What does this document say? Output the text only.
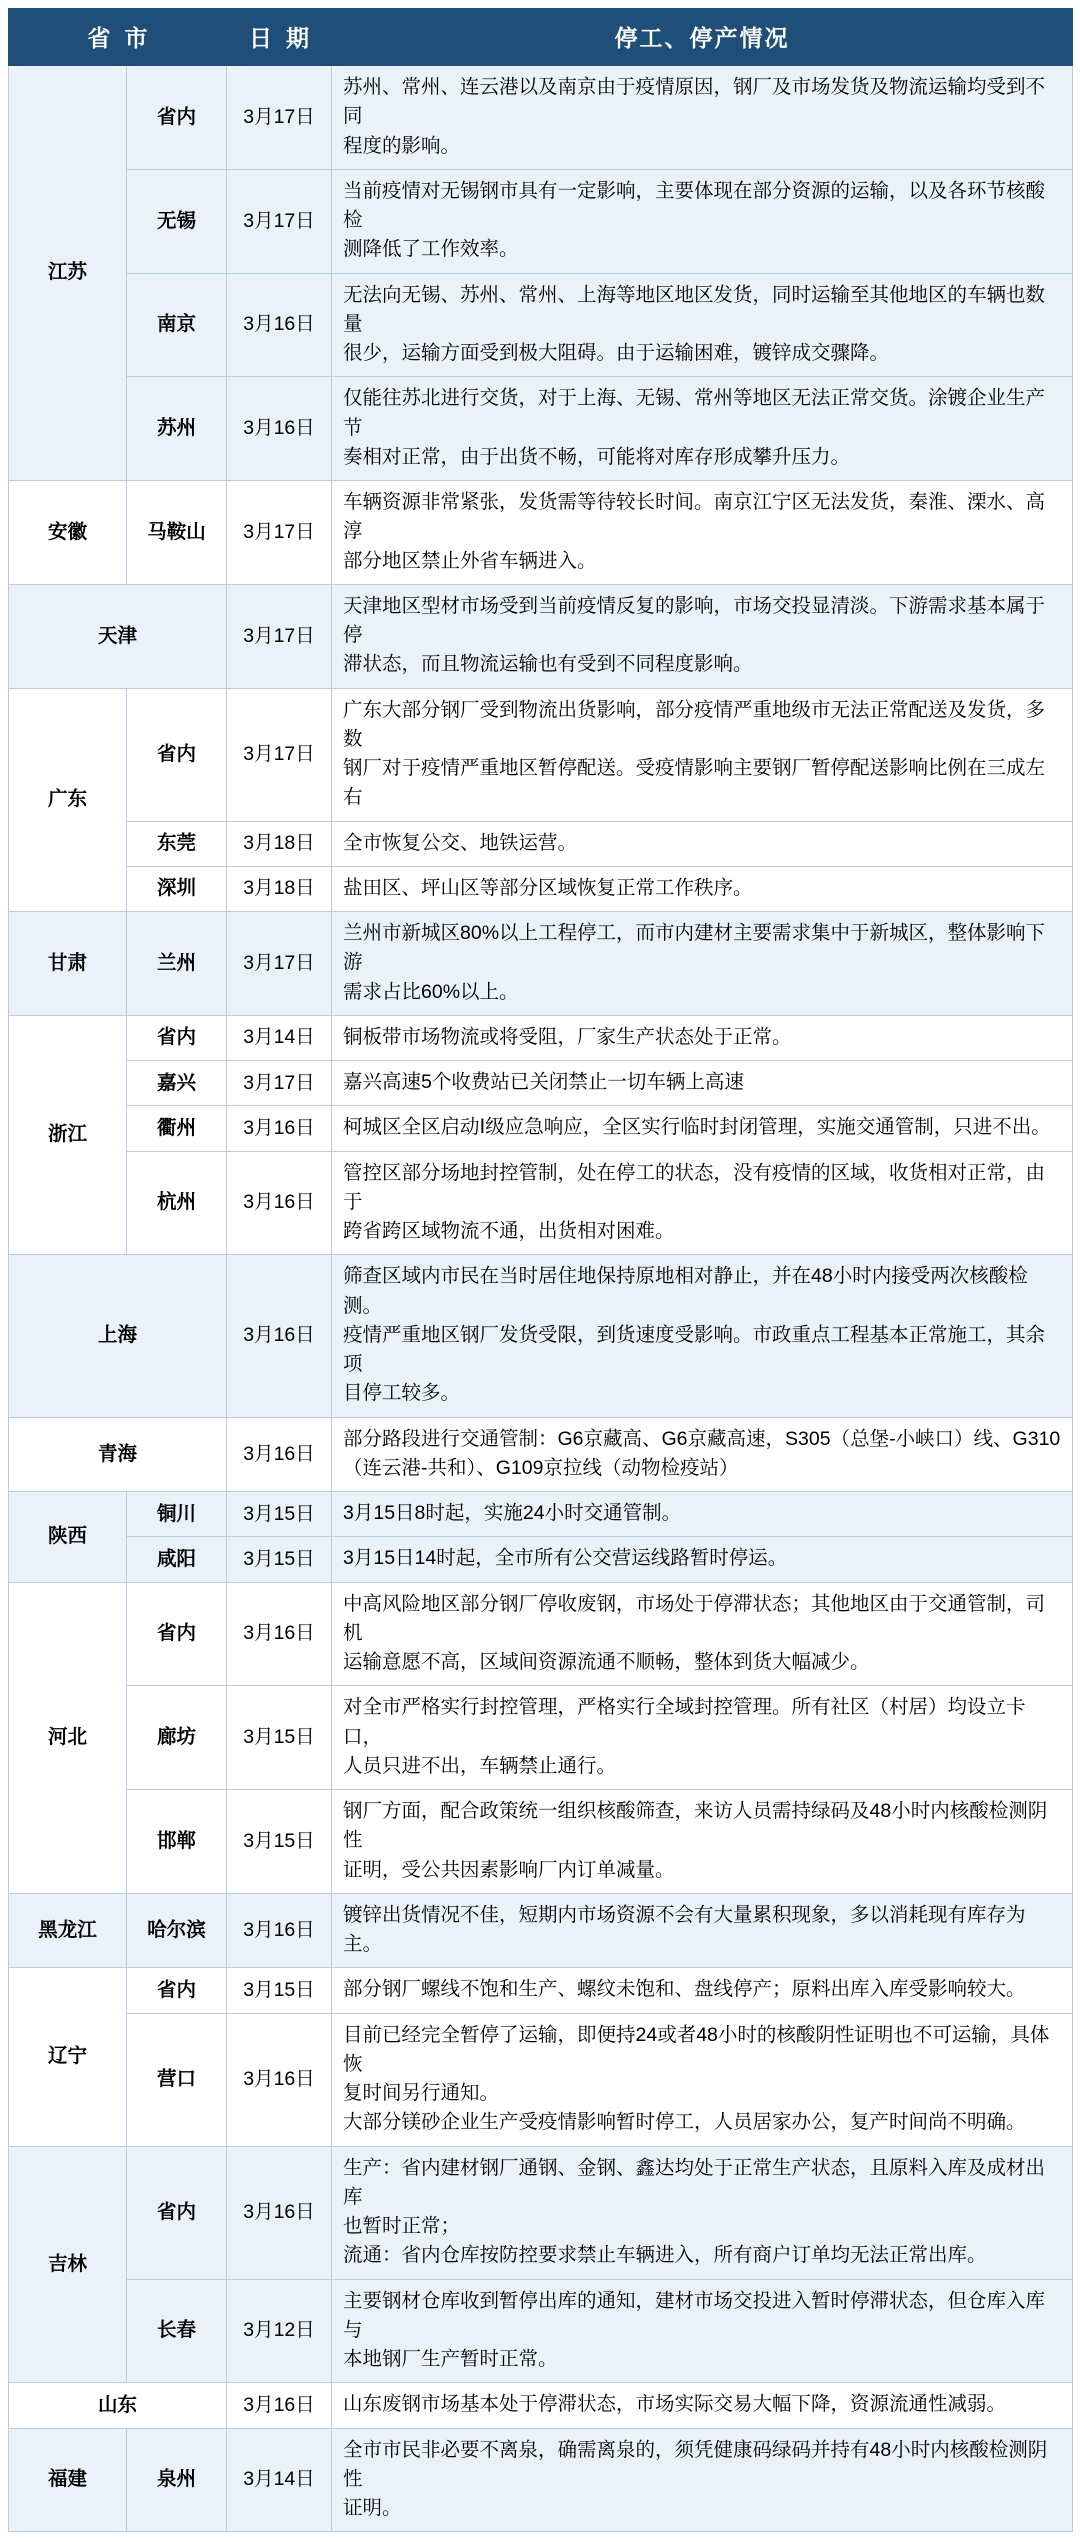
省市		日期	停工、停产情况
江苏	省内	3月17日	苏州、常州、连云港以及南京由于疫情原因，钢厂及市场发货及物流运输均受到不同
程度的影响。

	无锡	3月17日	当前疫情对无锡钢市具有一定影响，主要体现在部分资源的运输，以及各环节核酸检
测降低了工作效率。

	南京	3月16日	无法向无锡、苏州、常州、上海等地区地区发货，同时运输至其他地区的车辆也数量
很少，运输方面受到极大阻碍。由于运输困难，镀锌成交骤降。

	苏州	3月16日	仅能往苏北进行交货，对于上海、无锡、常州等地区无法正常交货。涂镀企业生产节
奏相对正常，由于出货不畅，可能将对库存形成攀升压力。

安徽	马鞍山	3月17日	车辆资源非常紧张，发货需等待较长时间。南京江宁区无法发货，秦淮、溧水、高淳
部分地区禁止外省车辆进入。

天津		3月17日	天津地区型材市场受到当前疫情反复的影响，市场交投显清淡。下游需求基本属于停
滞状态，而且物流运输也有受到不同程度影响。

广东	省内	3月17日	广东大部分钢厂受到物流出货影响，部分疫情严重地级市无法正常配送及发货，多数
钢厂对于疫情严重地区暂停配送。受疫情影响主要钢厂暂停配送影响比例在三成左右

	东莞	3月18日	全市恢复公交、地铁运营。

	深圳	3月18日	盐田区、坪山区等部分区域恢复正常工作秩序。

甘肃	兰州	3月17日	兰州市新城区80%以上工程停工，而市内建材主要需求集中于新城区，整体影响下游
需求占比60%以上。

浙江	省内	3月14日	铜板带市场物流或将受阻，厂家生产状态处于正常。

	嘉兴	3月17日	嘉兴高速5个收费站已关闭禁止一切车辆上高速

	衢州	3月16日	柯城区全区启动Ⅰ级应急响应，全区实行临时封闭管理，实施交通管制，只进不出。

	杭州	3月16日	管控区部分场地封控管制，处在停工的状态，没有疫情的区域，收货相对正常，由于
跨省跨区域物流不通，出货相对困难。

上海		3月16日	筛查区域内市民在当时居住地保持原地相对静止，并在48小时内接受两次核酸检测。
疫情严重地区钢厂发货受限，到货速度受影响。市政重点工程基本正常施工，其余项
目停工较多。

青海		3月16日	部分路段进行交通管制：G6京藏高、G6京藏高速，S305（总堡-小峡口）线、G310
（连云港-共和）、G109京拉线（动物检疫站）

陕西	铜川	3月15日	3月15日8时起，实施24小时交通管制。

	咸阳	3月15日	3月15日14时起，全市所有公交营运线路暂时停运。

河北	省内	3月16日	中高风险地区部分钢厂停收废钢，市场处于停滞状态；其他地区由于交通管制，司机
运输意愿不高，区域间资源流通不顺畅，整体到货大幅减少。

	廊坊	3月15日	对全市严格实行封控管理，严格实行全域封控管理。所有社区（村居）均设立卡口，
人员只进不出，车辆禁止通行。

	邯郸	3月15日	钢厂方面，配合政策统一组织核酸筛查，来访人员需持绿码及48小时内核酸检测阴性
证明，受公共因素影响厂内订单减量。

黑龙江	哈尔滨	3月16日	镀锌出货情况不佳，短期内市场资源不会有大量累积现象，多以消耗现有库存为主。

辽宁	省内	3月15日	部分钢厂螺线不饱和生产、螺纹未饱和、盘线停产；原料出库入库受影响较大。

	营口	3月16日	目前已经完全暂停了运输，即便持24或者48小时的核酸阴性证明也不可运输，具体恢
复时间另行通知。
大部分镁砂企业生产受疫情影响暂时停工，人员居家办公，复产时间尚不明确。

吉林	省内	3月16日	生产：省内建材钢厂通钢、金钢、鑫达均处于正常生产状态，且原料入库及成材出库
也暂时正常；
流通：省内仓库按防控要求禁止车辆进入，所有商户订单均无法正常出库。

	长春	3月12日	主要钢材仓库收到暂停出库的通知，建材市场交投进入暂时停滞状态，但仓库入库与
本地钢厂生产暂时正常。

山东		3月16日	山东废钢市场基本处于停滞状态，市场实际交易大幅下降，资源流通性减弱。

福建	泉州	3月14日	全市市民非必要不离泉，确需离泉的，须凭健康码绿码并持有48小时内核酸检测阴性
证明。
